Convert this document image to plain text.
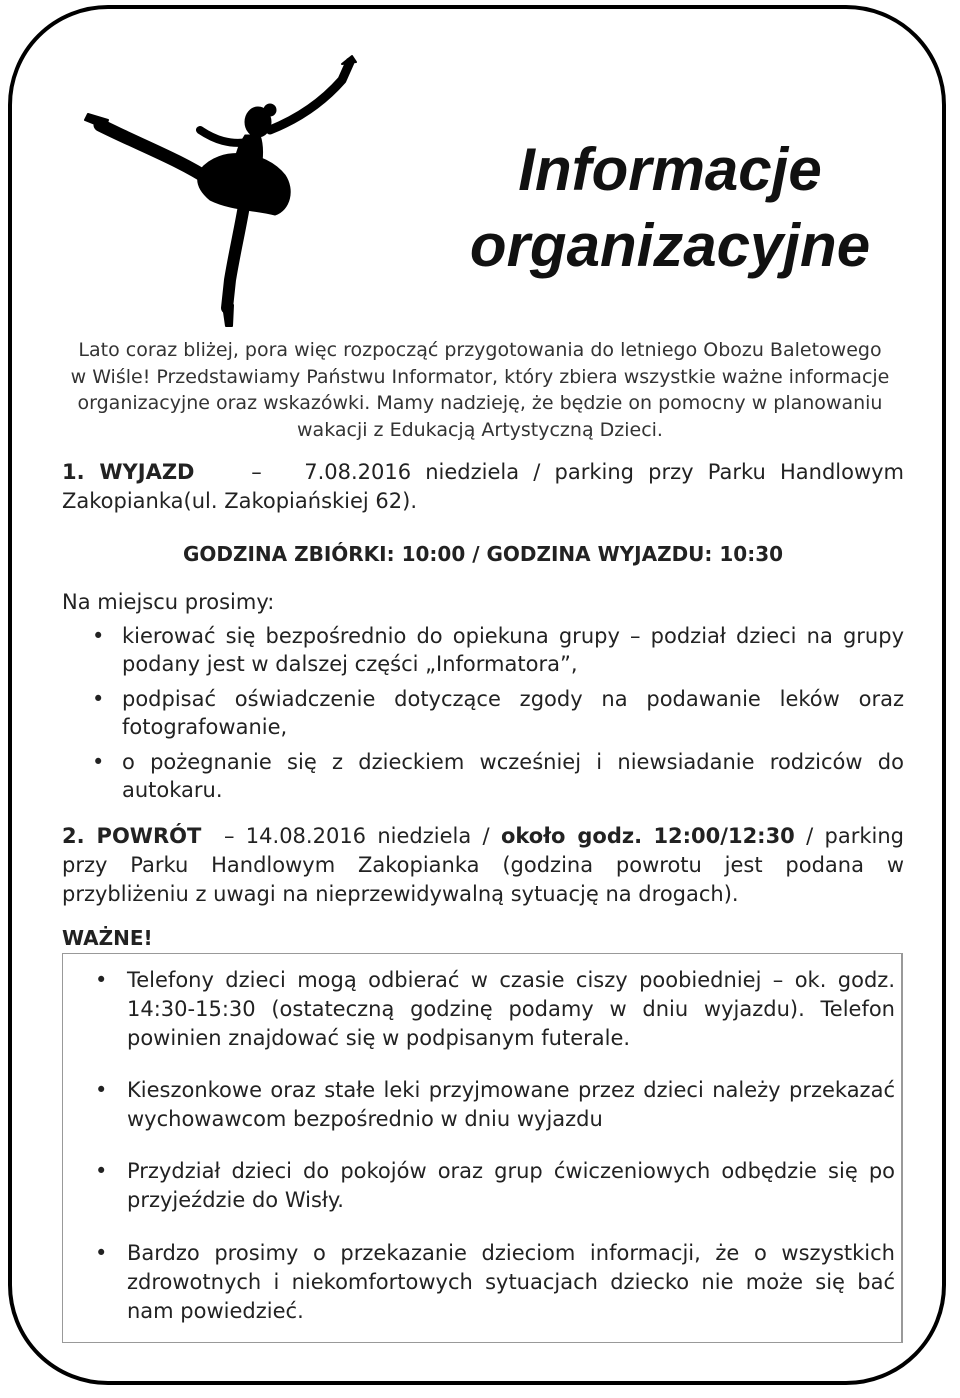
Informacje
organizacyjne
Lato coraz bliżej, pora więc rozpocząć przygotowania do letniego Obozu Baletowego w Wiśle! Przedstawiamy Państwu Informator, który zbiera wszystkie ważne informacje organizacyjne oraz wskazówki. Mamy nadzieję, że będzie on pomocny w planowaniu wakacji z Edukacją Artystyczną Dzieci.
1. WYJAZD	– 7.08.2016 niedziela / parking przy Parku Handlowym
Zakopianka(ul. Zakopiańskiej 62).
GODZINA ZBIÓRKI: 10:00 / GODZINA WYJAZDU: 10:30
Na miejscu prosimy:
• kierować się bezpośrednio do opiekuna grupy – podział dzieci na grupy podany jest w dalszej części „Informatora”,
• podpisać oświadczenie dotyczące zgody na podawanie leków oraz fotografowanie,
• o pożegnanie się z dzieckiem wcześniej i niewsiadanie rodziców do autokaru.
2. POWRÓT – 14.08.2016 niedziela / około godz. 12:00/12:30 / parking przy Parku Handlowym Zakopianka (godzina powrotu jest podana w przybliżeniu z uwagi na nieprzewidywalną sytuację na drogach).
WAŻNE!
• Telefony dzieci mogą odbierać w czasie ciszy poobiedniej – ok. godz. 14:30-15:30 (ostateczną godzinę podamy w dniu wyjazdu). Telefon powinien znajdować się w podpisanym futerale.
• Kieszonkowe oraz stałe leki przyjmowane przez dzieci należy przekazać wychowawcom bezpośrednio w dniu wyjazdu
• Przydział dzieci do pokojów oraz grup ćwiczeniowych odbędzie się po przyjeździe do Wisły.
• Bardzo prosimy o przekazanie dzieciom informacji, że o wszystkich zdrowotnych i niekomfortowych sytuacjach dziecko nie może się bać nam powiedzieć.
